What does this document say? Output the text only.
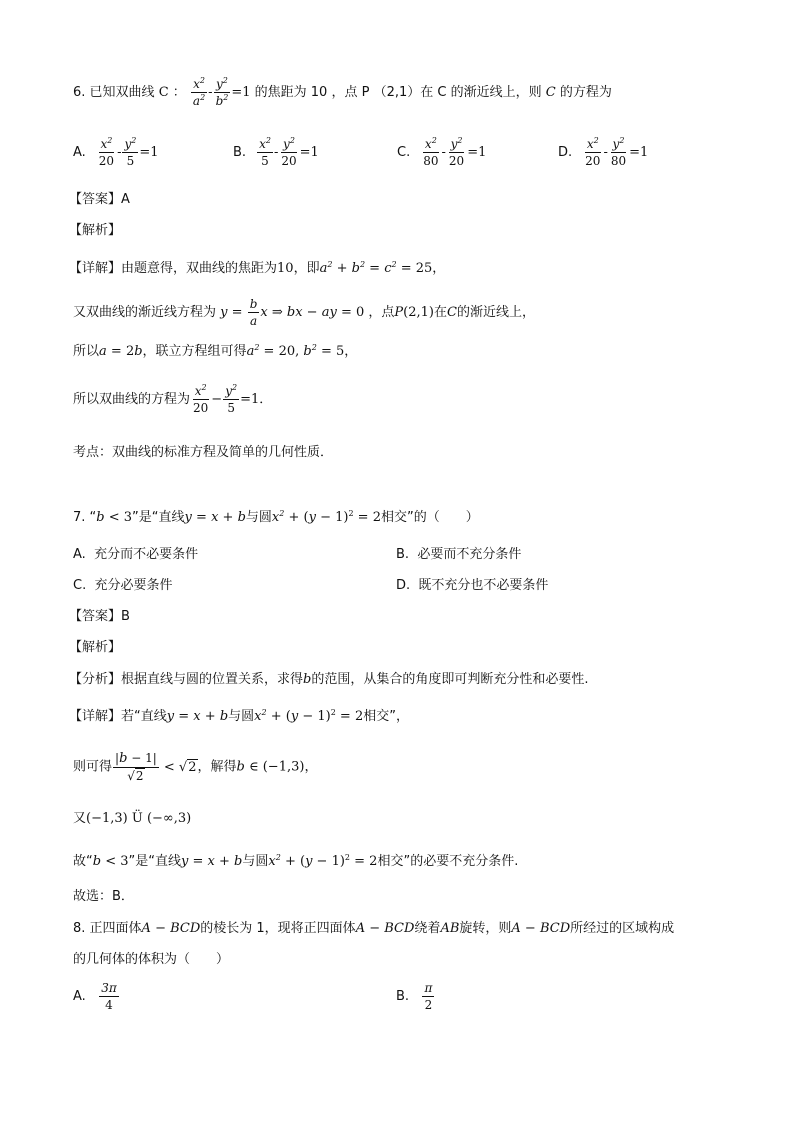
6. 已知双曲线 C ： $\frac{x^2}{a^2} - \frac{y^2}{b^2} =1$ 的焦距为 10 ，点 P （2,1）在 C 的渐近线上，则 C 的方程为
A. $\frac{x^2}{20} - \frac{y^2}{5} =1$	B. $\frac{x^2}{5} - \frac{y^2}{20} =1$	C. $\frac{x^2}{80} - \frac{y^2}{20} =1$	D. $\frac{x^2}{20} - \frac{y^2}{80} =1$
【答案】A
【解析】
【详解】由题意得，双曲线的焦距为10，即$a^2 + b^2 = c^2 = 25$，
又双曲线的渐近线方程为 $y = \frac{b}{a}$ x ⇒ bx − ay = 0 ，点P(2,1)在C的渐近线上，
所以a = 2b，联立方程组可得$a^2 = 20$, $b^2 = 5$，
所以双曲线的方程为 $\frac{x^2}{20} - \frac{y^2}{5} =1$．
考点：双曲线的标准方程及简单的几何性质．
7. “b < 3”是“直线y = x + b与圆$x^2 + (y - 1)^2 = 2$相交”的（　　）
A. 充分而不必要条件	B. 必要而不充分条件
C. 充分必要条件	D. 既不充分也不必要条件
【答案】B
【解析】
【分析】根据直线与圆的位置关系，求得b的范围，从集合的角度即可判断充分性和必要性.
【详解】若“直线y = x + b与圆$x^2 + (y - 1)^2 = 2$相交”，
则可得 $\frac{|b - 1|}{√2} < √2$，解得b ∈ (−1,3)，
又(−1,3) Ü (−∞,3)
故“b < 3”是“直线y = x + b与圆$x^2 + (y - 1)^2 = 2$相交”的必要不充分条件.
故选：B．
8. 正四面体A − BCD的棱长为 1，现将正四面体A − BCD绕着AB旋转，则A − BCD所经过的区域构成
的几何体的体积为（　　）
A. $\frac{3\pi}{4}$	B. $\frac{\pi}{2}$
